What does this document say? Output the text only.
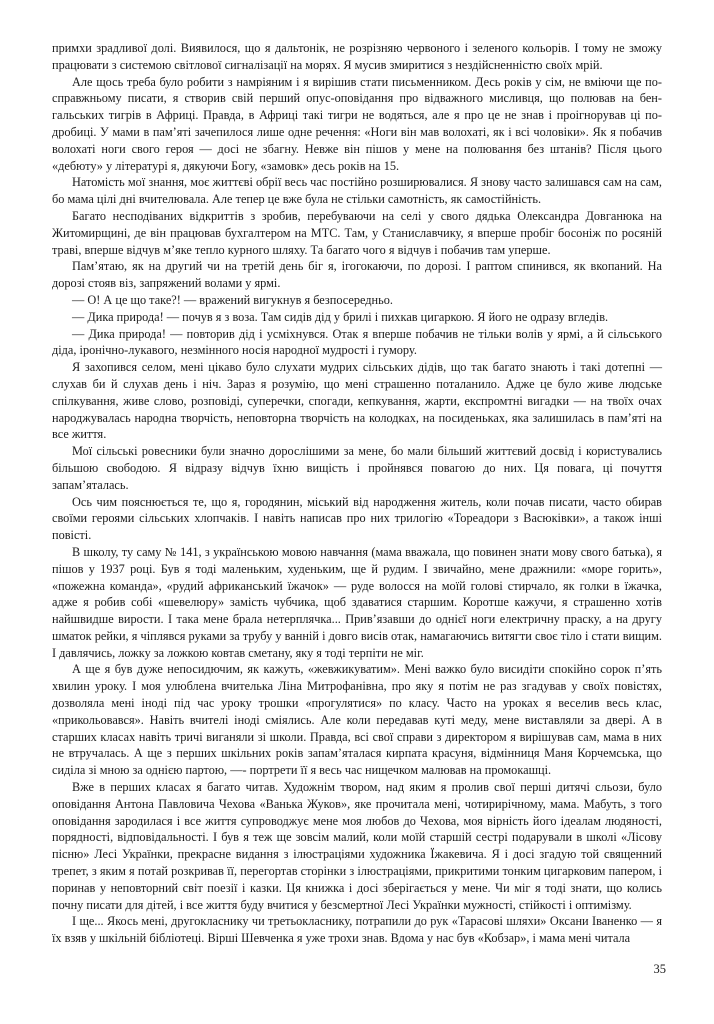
примхи зрадливої долі. Виявилося, що я дальтонік, не розрізняю червоного і зеленого кольорів. І тому не зможу працювати з системою світлової сигналізації на морях. Я мусив змиритися з нездійсненністю своїх мрій.

Але щось треба було робити з намріяним і я вирішив стати письменником. Десь років у сім, не вміючи ще по-справжньому писати, я створив свій перший опус-оповідання про відважного мисливця, що полював на бенгальських тигрів в Африці. Правда, в Африці такі тигри не водяться, але я про це не знав і проігнорував ці подробиці. У мами в пам’яті зачепилося лише одне речення: «Ноги він мав волохаті, як і всі чоловіки». Як я побачив волохаті ноги свого героя — досі не збагну. Невже він пішов у мене на полювання без штанів? Після цього «дебюту» у літературі я, дякуючи Богу, «замовк» десь років на 15.

Натомість мої знання, моє життєві обрії весь час постійно розширювалися. Я знову часто залишався сам на сам, бо мама цілі дні вчителювала. Але тепер це вже була не стільки самотність, як самостійність.

Багато несподіваних відкриттів з зробив, перебуваючи на селі у свого дядька Олександра Довганюка на Житомирщині, де він працював бухгалтером на МТС. Там, у Станиславчику, я вперше пробіг босоніж по росяній траві, вперше відчув м’яке тепло курного шляху. Та багато чого я відчув і побачив там уперше.

Пам’ятаю, як на другий чи на третій день біг я, ігогокаючи, по дорозі. І раптом спинився, як вкопаний. На дорозі стояв віз, запряжений волами у ярмі.

— О! А це що таке?! — вражений вигукнув я безпосередньо.

— Дика природа! — почув я з воза. Там сидів дід у брилі і пихкав цигаркою. Я його не одразу вгледів.

— Дика природа! — повторив дід і усміхнувся. Отак я вперше побачив не тільки волів у ярмі, а й сільського діда, іронічно-лукавого, незмінного носія народної мудрості і гумору.

Я захопився селом, мені цікаво було слухати мудрих сільських дідів, що так багато знають і такі дотепні — слухав би й слухав день і ніч. Зараз я розумію, що мені страшенно поталанило. Адже це було живе людське спілкування, живе слово, розповіді, суперечки, спогади, кепкування, жарти, експромтні вигадки — на твоїх очах народжувалась народна творчість, неповторна творчість на колодках, на посиденьках, яка залишилась в пам’яті на все життя.

Мої сільські ровесники були значно дорослішими за мене, бо мали більший життєвий досвід і користувались більшою свободою. Я відразу відчув їхню вищість і пройнявся повагою до них. Ця повага, ці почуття запам’яталась.

Ось чим пояснюється те, що я, городянин, міський від народження житель, коли почав писати, часто обирав своїми героями сільських хлопчаків. І навіть написав про них трилогію «Тореадори з Васюківки», а також інші повісті.

В школу, ту саму № 141, з українською мовою навчання (мама вважала, що повинен знати мову свого батька), я пішов у 1937 році. Був я тоді маленьким, худеньким, ще й рудим. І звичайно, мене дражнили: «море горить», «пожежна команда», «рудий африканський їжачок» — руде волосся на моїй голові стирчало, як голки в їжачка, адже я робив собі «шевелюру» замість чубчика, щоб здаватися старшим. Коротше кажучи, я страшенно хотів найшвидше вирости. І така мене брала нетерплячка... Прив’язавши до однієї ноги електричну праску, а на другу шматок рейки, я чіплявся руками за трубу у ванній і довго висів отак, намагаючись витягти своє тіло і стати вищим. І давлячись, ложку за ложкою ковтав сметану, яку я тоді терпіти не міг.

А ще я був дуже непосидючим, як кажуть, «жевжикуватим». Мені важко було висидіти спокійно сорок п’ять хвилин уроку. І моя улюблена вчителька Ліна Митрофанівна, про яку я потім не раз згадував у своїх повістях, дозволяла мені іноді під час уроку трошки «прогулятися» по класу. Часто на уроках я веселив весь клас, «прикольовався». Навіть вчителі іноді сміялись. Але коли передавав куті меду, мене виставляли за двері. А в старших класах навіть тричі виганяли зі школи. Правда, всі свої справи з директором я вирішував сам, мама в них не втручалась. А ще з перших шкільних років запам’яталася кирпата красуня, відмінниця Маня Корчемська, що сиділа зі мною за однією партою, —- портрети її я весь час нищечком малював на промокашці.

Вже в перших класах я багато читав. Художнім твором, над яким я пролив свої перші дитячі сльози, було оповідання Антона Павловича Чехова «Ванька Жуков», яке прочитала мені, чотирирічному, мама. Мабуть, з того оповідання зародилася і все життя супроводжує мене моя любов до Чехова, моя вірність його ідеалам людяності, порядності, відповідальності. І був я теж ще зовсім малий, коли моїй старшій сестрі подарували в школі «Лісову пісню» Лесі Українки, прекрасне видання з ілюстраціями художника Їжакевича. Я і досі згадую той священний трепет, з яким я потай розкривав її, перегортав сторінки з ілюстраціями, прикритими тонким цигарковим папером, і поринав у неповторний світ поезії і казки. Ця книжка і досі зберігається у мене. Чи міг я тоді знати, що колись почну писати для дітей, і все життя буду вчитися у безсмертної Лесі Українки мужності, стійкості і оптимізму.

І ще... Якось мені, другокласнику чи третьокласнику, потрапили до рук «Тарасові шляхи» Оксани Іваненко — я їх взяв у шкільній бібліотеці. Вірші Шевченка я уже трохи знав. Вдома у нас був «Кобзар», і мама мені читала

35
